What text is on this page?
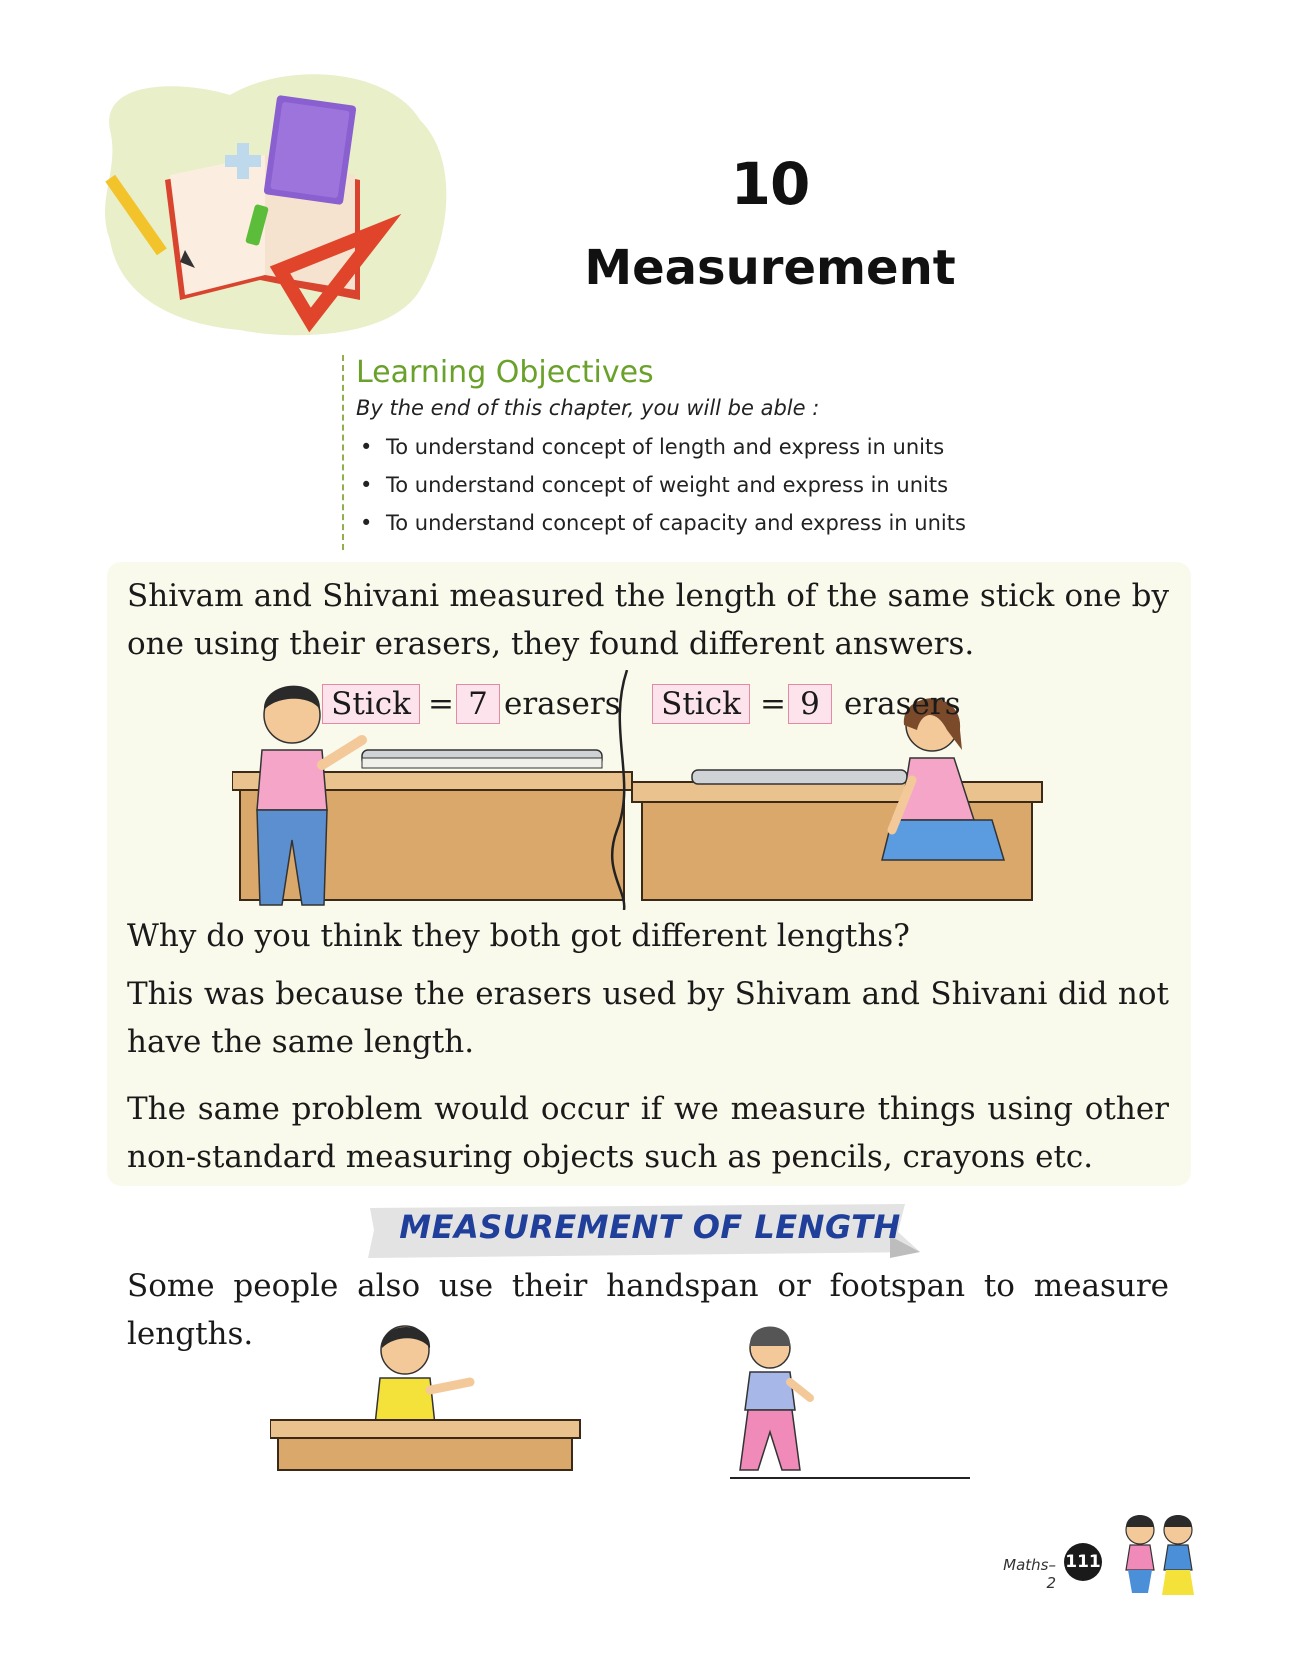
10
Measurement
Learning Objectives
By the end of this chapter, you will be able :
• To understand concept of length and express in units
• To understand concept of weight and express in units
• To understand concept of capacity and express in units
Shivam and Shivani measured the length of the same stick one by one using their erasers, they found different answers.
Stick = 7 erasers Stick = 9 erasers
Why do you think they both got different lengths?
This was because the erasers used by Shivam and Shivani did not have the same length.
The same problem would occur if we measure things using other non-standard measuring objects such as pencils, crayons etc.
MEASUREMENT OF LENGTH
Some people also use their handspan or footspan to measure lengths.
Maths–2
111
